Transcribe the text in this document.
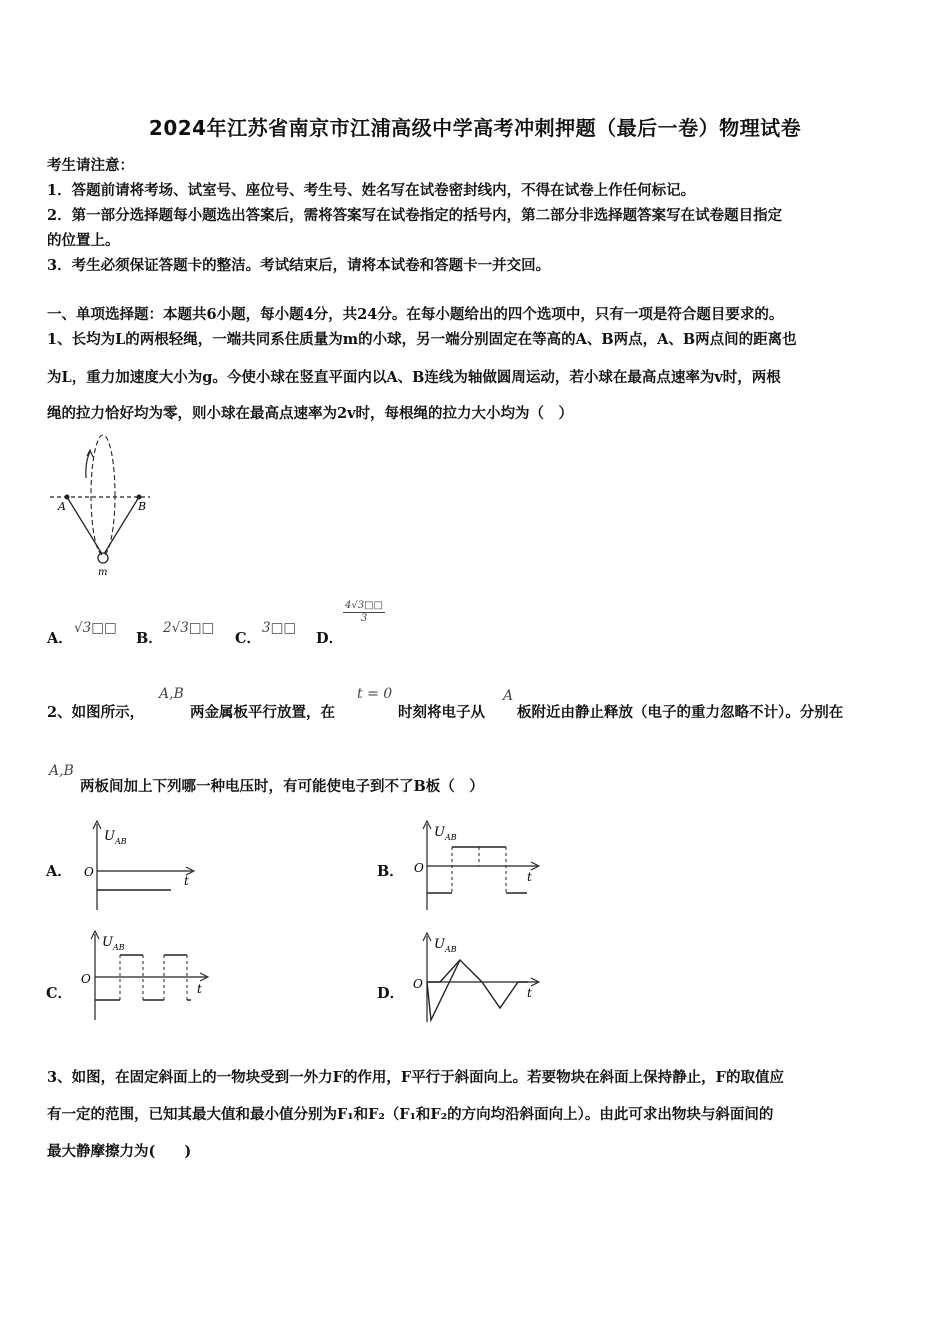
2024年江苏省南京市江浦高级中学高考冲刺押题（最后一卷）物理试卷
考生请注意：
1．答题前请将考场、试室号、座位号、考生号、姓名写在试卷密封线内，不得在试卷上作任何标记。
2．第一部分选择题每小题选出答案后，需将答案写在试卷指定的括号内，第二部分非选择题答案写在试卷题目指定
的位置上。
3．考生必须保证答题卡的整洁。考试结束后，请将本试卷和答题卡一并交回。
一、单项选择题：本题共6小题，每小题4分，共24分。在每小题给出的四个选项中，只有一项是符合题目要求的。
1、长均为L的两根轻绳，一端共同系住质量为m的小球，另一端分别固定在等高的A、B两点，A、B两点间的距离也
为L，重力加速度大小为g。今使小球在竖直平面内以A、B连线为轴做圆周运动，若小球在最高点速率为v时，两根
绳的拉力恰好均为零，则小球在最高点速率为2v时，每根绳的拉力大小均为（　）
A	B
m
A．
√3□□
B．
2√3□□
C．
3□□
D．
$\frac{4√3□□}{3}$
2、如图所示，
A,B
两金属板平行放置，在
t = 0
时刻将电子从
A
板附近由静止释放（电子的重力忽略不计）。分别在
A,B
两板间加上下列哪一种电压时，有可能使电子到不了B板（　）
A．
U AB
O
t
B．
U AB
O
t
C．
U AB
O
t	D．
U AB
O
t
3、如图，在固定斜面上的一物块受到一外力F的作用，F平行于斜面向上。若要物块在斜面上保持静止，F的取值应
有一定的范围，已知其最大值和最小值分别为F₁和F₂（F₁和F₂的方向均沿斜面向上）。由此可求出物块与斜面间的
最大静摩擦力为(　　)
